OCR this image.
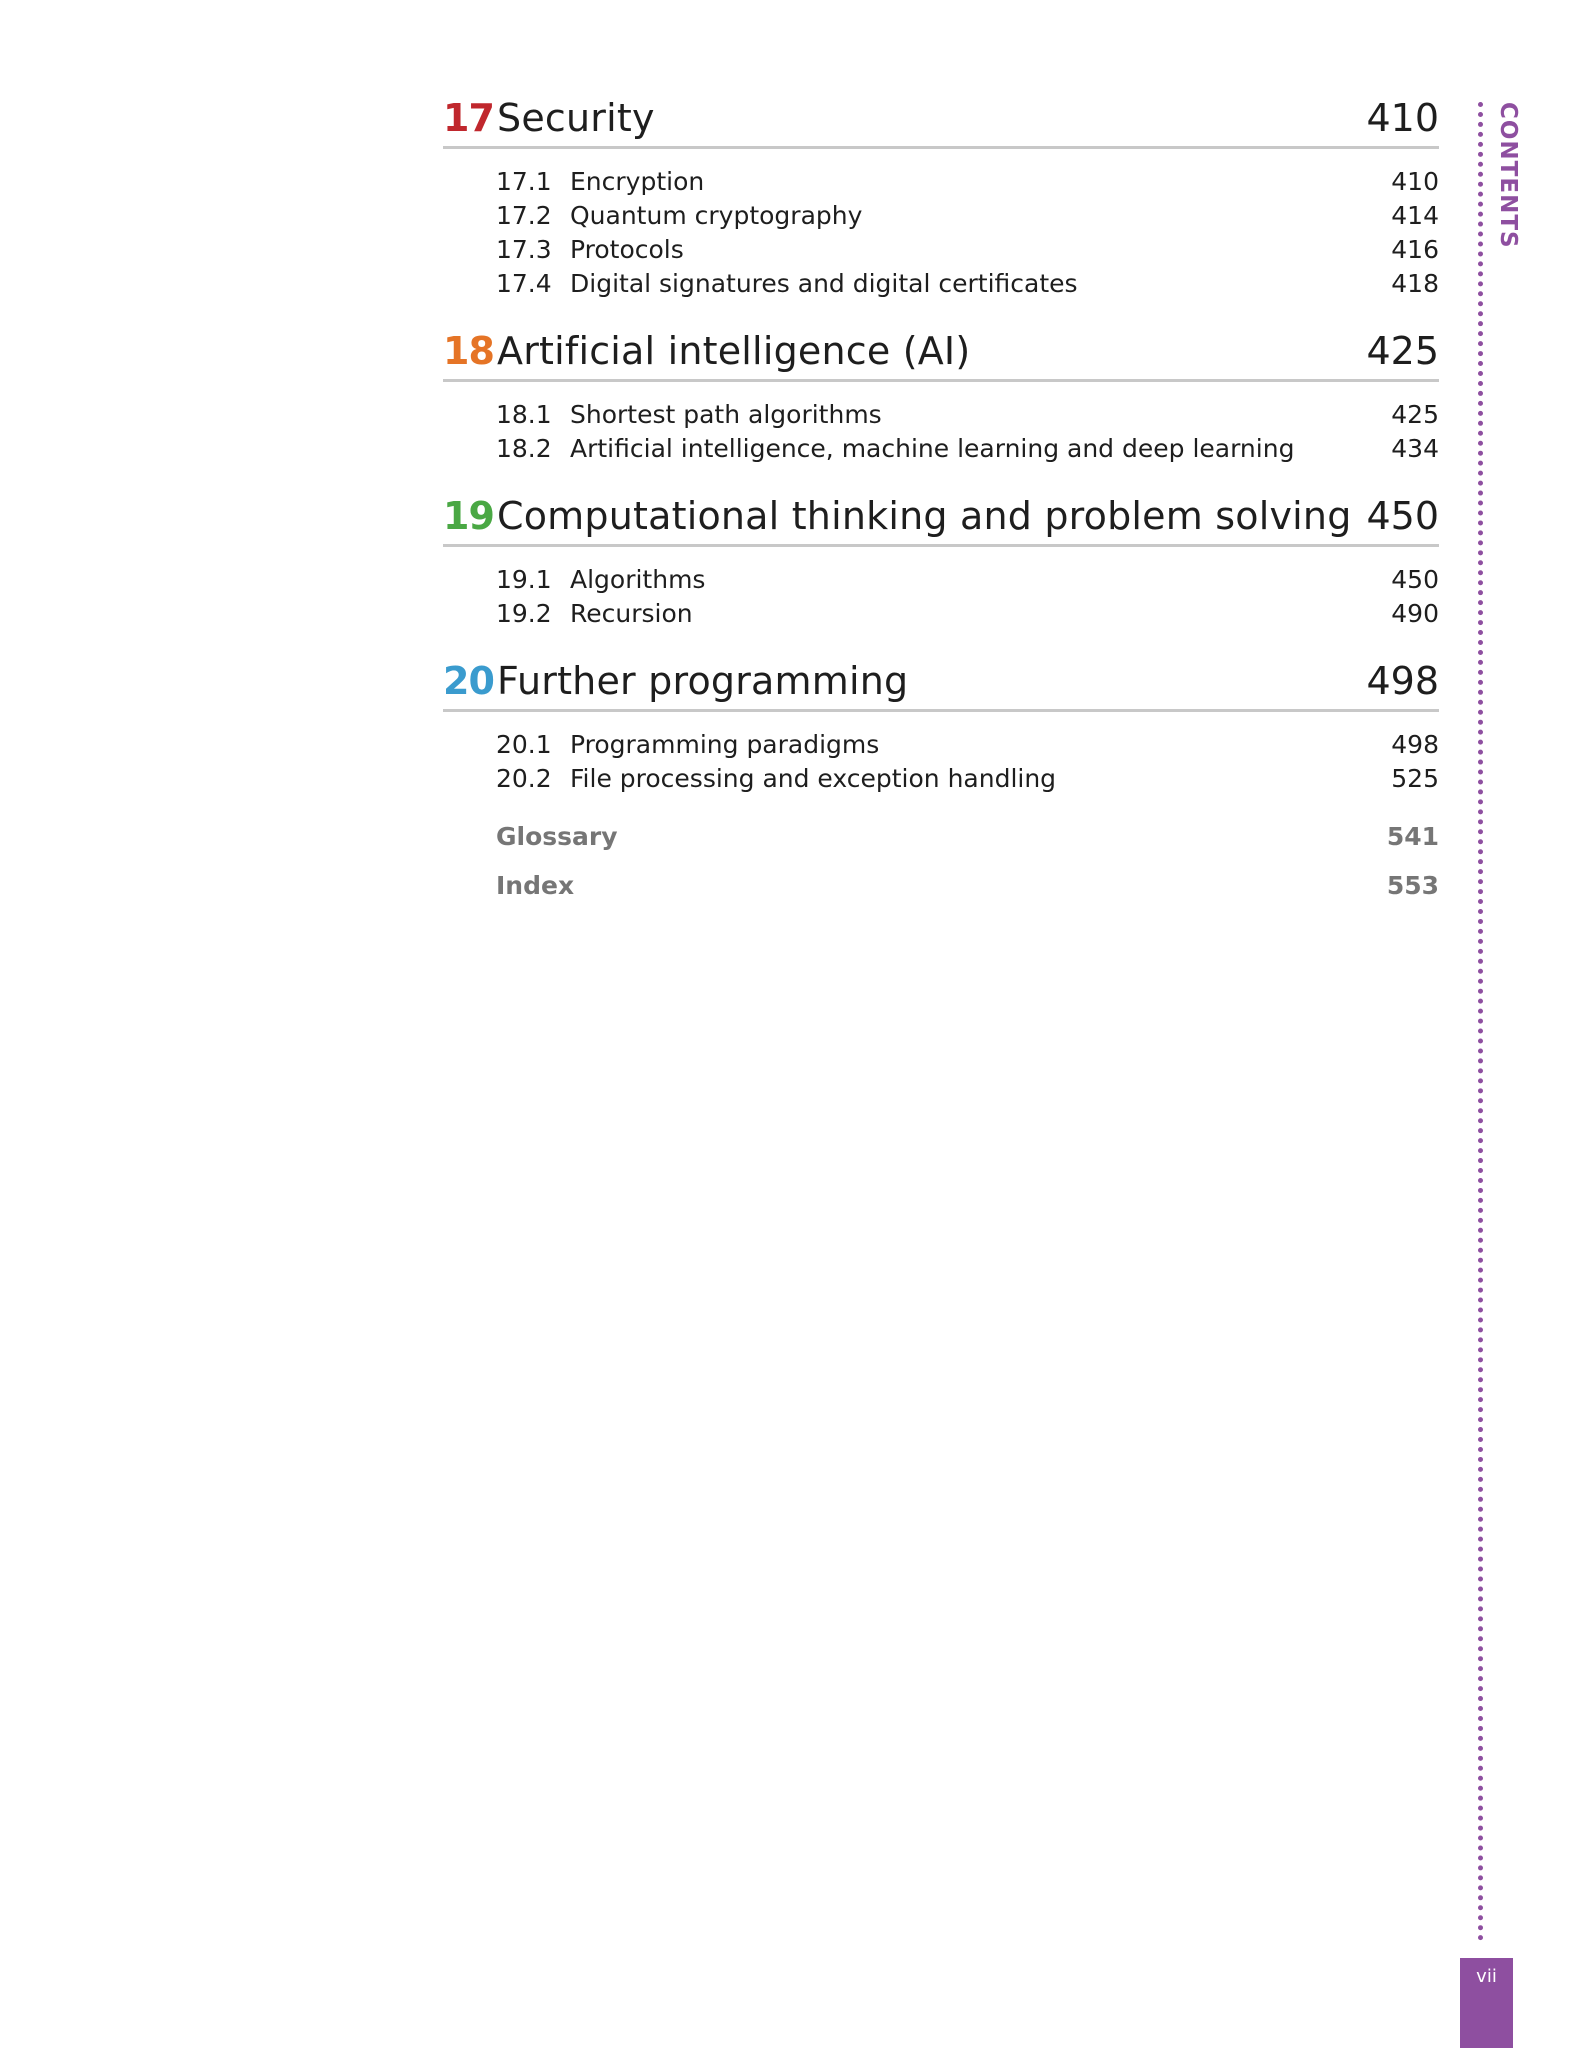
17 Security	410
17.1 Encryption	410
17.2 Quantum cryptography	414
17.3 Protocols	416
17.4 Digital signatures and digital certificates	418
18 Artificial intelligence (AI)	425
18.1 Shortest path algorithms	425
18.2 Artificial intelligence, machine learning and deep learning	434
19 Computational thinking and problem solving 450
19.1 Algorithms	450
19.2 Recursion	490
20 Further programming	498
20.1 Programming paradigms	498
20.2 File processing and exception handling	525
Glossary	541
Index	553
CONTENTS
vii
